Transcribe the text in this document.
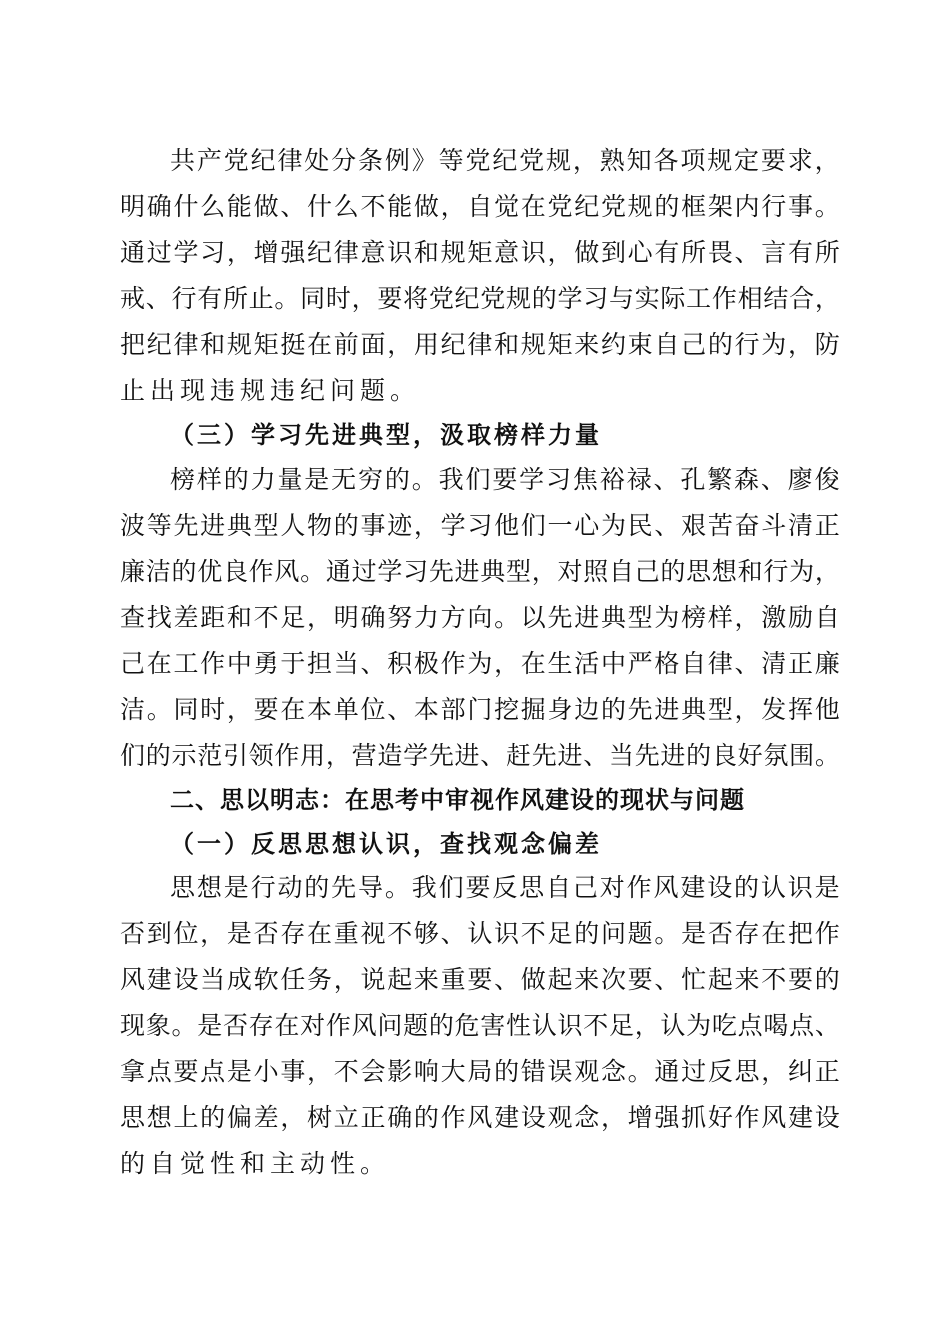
共 产 党 纪 律 处 分 条 例 》 等 党 纪 党 规 ， 熟 知 各 项 规 定 要 求 ，
明 确 什 么 能 做 、 什 么 不 能 做 ， 自 觉 在 党 纪 党 规 的 框 架 内 行 事 。
通 过 学 习 ， 增 强 纪 律 意 识 和 规 矩 意 识 ， 做 到 心 有 所 畏 、 言 有 所
戒 、 行 有 所 止 。 同 时 ， 要 将 党 纪 党 规 的 学 习 与 实 际 工 作 相 结 合 ，
把 纪 律 和 规 矩 挺 在 前 面 ， 用 纪 律 和 规 矩 来 约 束 自 己 的 行 为 ， 防
止出现违规违纪问题。
（三）学习先进典型，汲取榜样力量
榜 样 的 力 量 是 无 穷 的 。 我 们 要 学 习 焦 裕 禄 、 孔 繁 森 、 廖 俊
波 等 先 进 典 型 人 物 的 事 迹 ， 学 习 他 们 一 心 为 民 、 艰 苦 奋 斗 清 正
廉 洁 的 优 良 作 风 。 通 过 学 习 先 进 典 型 ， 对 照 自 己 的 思 想 和 行 为 ，
查 找 差 距 和 不 足 ， 明 确 努 力 方 向 。 以 先 进 典 型 为 榜 样 ， 激 励 自
己 在 工 作 中 勇 于 担 当 、 积 极 作 为 ， 在 生 活 中 严 格 自 律 、 清 正 廉
洁 。 同 时 ， 要 在 本 单 位 、 本 部 门 挖 掘 身 边 的 先 进 典 型 ， 发 挥 他
们 的 示 范 引 领 作 用 ， 营 造 学 先 进 、 赶 先 进 、 当 先 进 的 良 好 氛 围 。
二、思以明志：在思考中审视作风建设的现状与问题
（一）反思思想认识，查找观念偏差
思 想 是 行 动 的 先 导 。 我 们 要 反 思 自 己 对 作 风 建 设 的 认 识 是
否 到 位 ， 是 否 存 在 重 视 不 够 、 认 识 不 足 的 问 题 。 是 否 存 在 把 作
风 建 设 当 成 软 任 务 ， 说 起 来 重 要 、 做 起 来 次 要 、 忙 起 来 不 要 的
现 象 。 是 否 存 在 对 作 风 问 题 的 危 害 性 认 识 不 足 ， 认 为 吃 点 喝 点 、
拿 点 要 点 是 小 事 ， 不 会 影 响 大 局 的 错 误 观 念 。 通 过 反 思 ， 纠 正
思 想 上 的 偏 差 ， 树 立 正 确 的 作 风 建 设 观 念 ， 增 强 抓 好 作 风 建 设
的自觉性和主动性。
